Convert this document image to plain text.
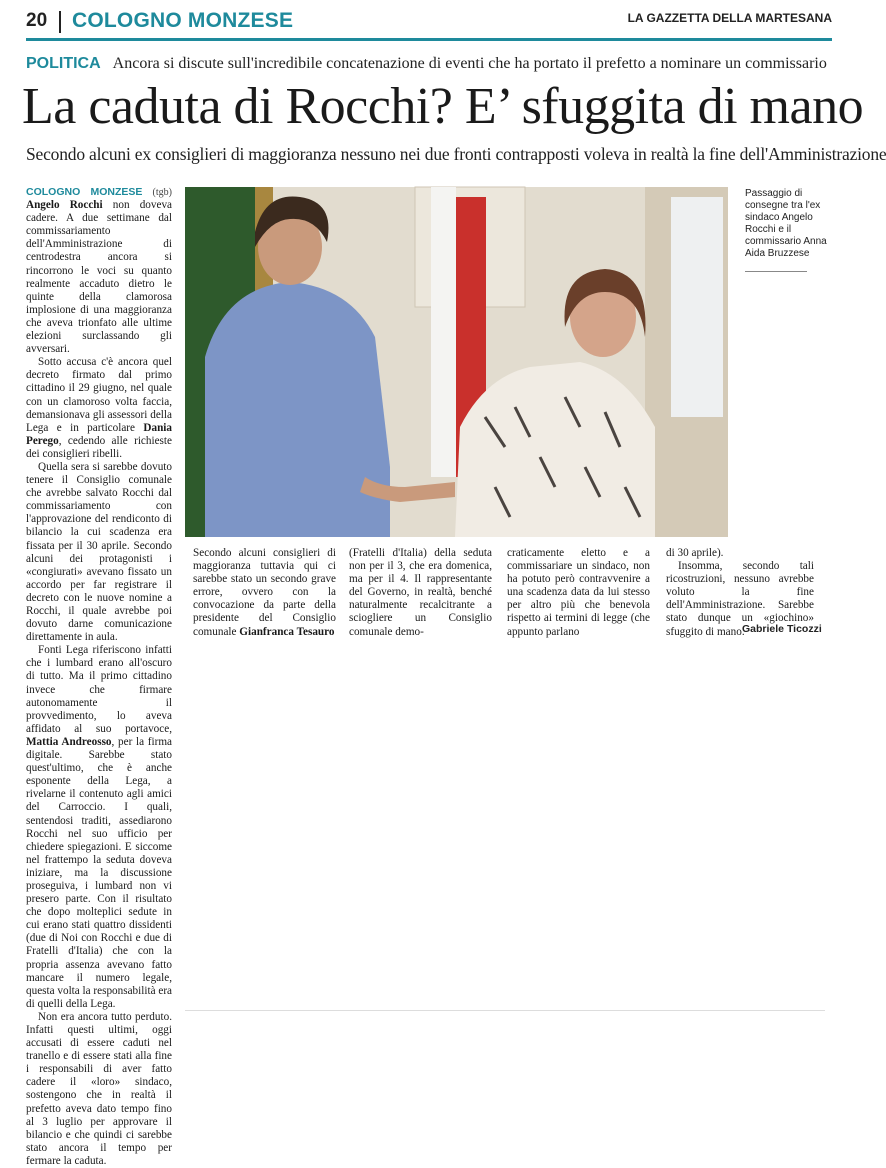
20 COLOGNO MONZESE	LA GAZZETTA DELLA MARTESANA
POLITICA Ancora si discute sull'incredibile concatenazione di eventi che ha portato il prefetto a nominare un commissario
La caduta di Rocchi? E’ sfuggita di mano
Secondo alcuni ex consiglieri di maggioranza nessuno nei due fronti contrapposti voleva in realtà la fine dell'Amministrazione

COLOGNO MONZESE (tgb) Angelo Rocchi non doveva cadere. A due settimane dal commissariamento dell'Amministrazione di centrodestra ancora si rincorrono le voci su quanto realmente accaduto dietro le quinte della clamorosa implosione di una maggioranza che aveva trionfato alle ultime elezioni surclassando gli avversari.

Sotto accusa c'è ancora quel decreto firmato dal primo cittadino il 29 giugno, nel quale con un clamoroso volta faccia, demansionava gli assessori della Lega e in particolare Dania Perego, cedendo alle richieste dei consiglieri ribelli.

Quella sera si sarebbe dovuto tenere il Consiglio comunale che avrebbe salvato Rocchi dal commissariamento con l'approvazione del rendiconto di bilancio la cui scadenza era fissata per il 30 aprile. Secondo alcuni dei protagonisti i «congiurati» avevano fissato un accordo per far registrare il decreto con le nuove nomine a Rocchi, il quale avrebbe poi dovuto darne comunicazione direttamente in aula.

Fonti Lega riferiscono infatti che i lumbard erano all'oscuro di tutto. Ma il primo cittadino invece che firmare autonomamente il provvedimento, lo aveva affidato al suo portavoce, Mattia Andreosso, per la firma digitale. Sarebbe stato quest'ultimo, che è anche esponente della Lega, a rivelarne il contenuto agli amici del Carroccio. I quali, sentendosi traditi, assediarono Rocchi nel suo ufficio per chiedere spiegazioni. E siccome nel frattempo la seduta doveva iniziare, ma la discussione proseguiva, i lumbard non vi presero parte. Con il risultato che dopo molteplici sedute in cui erano stati quattro dissidenti (due di Noi con Rocchi e due di Fratelli d'Italia) che con la propria assenza avevano fatto mancare il numero legale, questa volta la responsabilità era di quelli della Lega.

Non era ancora tutto perduto. Infatti questi ultimi, oggi accusati di essere caduti nel tranello e di essere stati alla fine i responsabili di aver fatto cadere il «loro» sindaco, sostengono che in realtà il prefetto aveva dato tempo fino al 3 luglio per approvare il bilancio e che quindi ci sarebbe stato ancora il tempo per fermare la caduta.

Passaggio di consegne tra l'ex sindaco Angelo Rocchi e il commissario Anna Aida Bruzzese

Secondo alcuni consiglieri di maggioranza tuttavia qui ci sarebbe stato un secondo grave errore, ovvero con la convocazione da parte della presidente del Consiglio comunale Gianfranca Tesauro

(Fratelli d'Italia) della seduta non per il 3, che era domenica, ma per il 4. Il rappresentante del Governo, in realtà, benché naturalmente recalcitrante a sciogliere un Consiglio comunale demo-

craticamente eletto e a commissariare un sindaco, non ha potuto però contravvenire a una scadenza data da lui stesso per altro più che benevola rispetto ai termini di legge (che appunto parlano

di 30 aprile).

Insomma, secondo tali ricostruzioni, nessuno avrebbe voluto la fine dell'Amministrazione. Sarebbe stato dunque un «giochino» sfuggito di mano.

Gabriele Ticozzi
